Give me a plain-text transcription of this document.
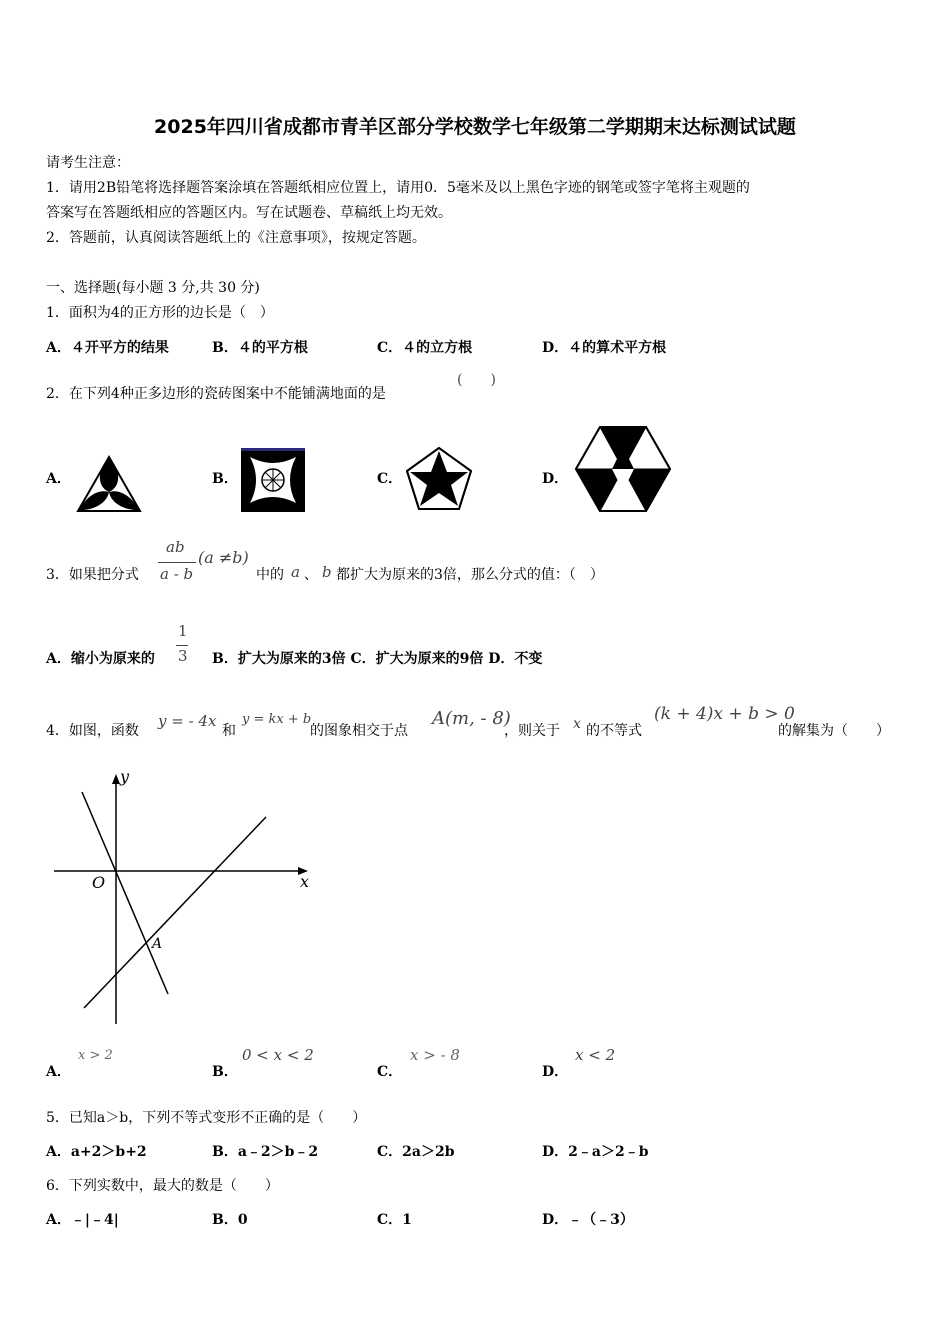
2025年四川省成都市青羊区部分学校数学七年级第二学期期末达标测试试题
请考生注意：
1．请用2B铅笔将选择题答案涂填在答题纸相应位置上，请用0．5毫米及以上黑色字迹的钢笔或签字笔将主观题的
答案写在答题纸相应的答题区内。写在试题卷、草稿纸上均无效。
2．答题前，认真阅读答题纸上的《注意事项》，按规定答题。
一、选择题(每小题 3 分,共 30 分)
1．面积为4的正方形的边长是（　）
A．４开平方的结果	B．４的平方根	C．４的立方根	D．４的算术平方根
2．在下列4种正多边形的瓷砖图案中不能铺满地面的是
(　　)
A．	B．	C．	D．
3．如果把分式
ab
a - b
(a ≠b)
中的 a 、 b 都扩大为原来的3倍，那么分式的值：（　）
A．缩小为原来的
1
3 B．扩大为原来的3倍 C．扩大为原来的9倍 D．不变
4．如图，函数
y = - 4x
和
y = kx + b
的图象相交于点
A(m, - 8)
，则关于 x 的不等式
(k + 4)x + b > 0
的解集为（　　）
x
y
O
A
A．
x > 2
B．
0 < x < 2
C．
x > - 8
D．
x < 2
5．已知a＞b，下列不等式变形不正确的是（　　）
A．a+2＞b+2	B．a﹣2＞b﹣2	C．2a＞2b	D．2﹣a＞2﹣b
6．下列实数中，最大的数是（　　）
A．﹣|﹣4|	B．0	C．1	D．﹣（﹣3）
